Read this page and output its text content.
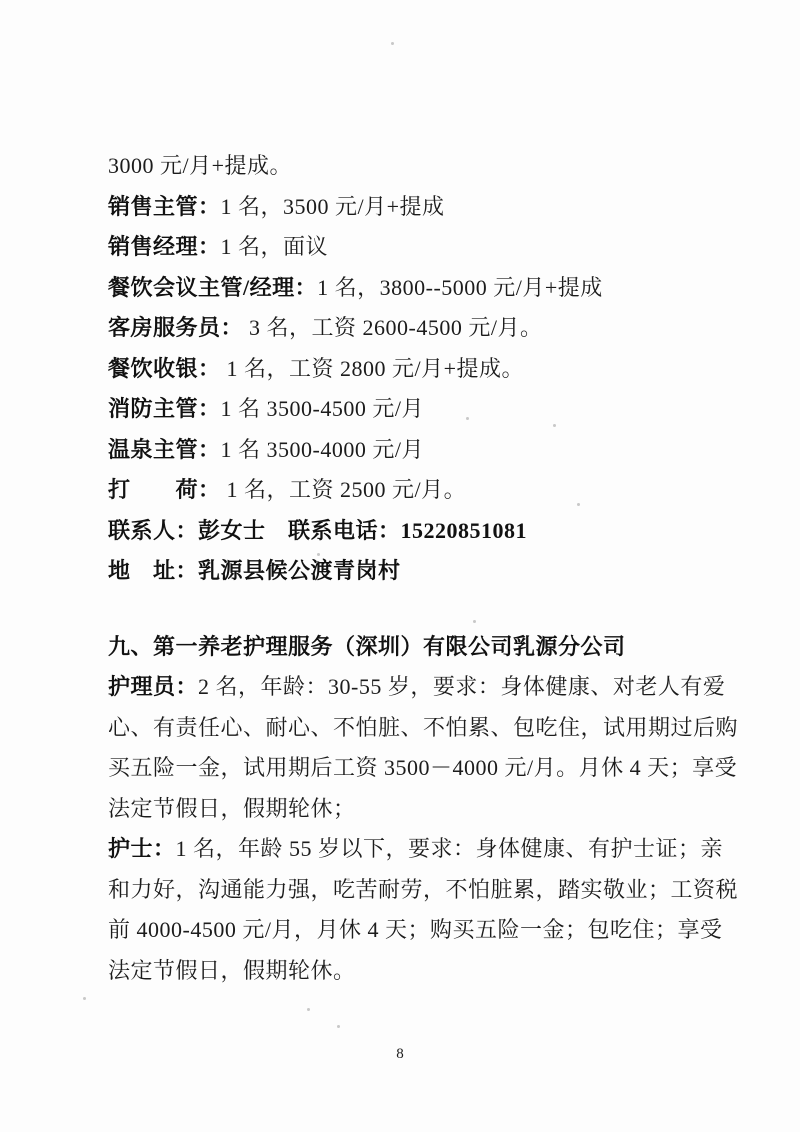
3000 元/月+提成。
销售主管：1 名，3500 元/月+提成
销售经理：1 名，面议
餐饮会议主管/经理：1 名，3800--5000 元/月+提成
客房服务员： 3 名，工资 2600-4500 元/月。
餐饮收银： 1 名，工资 2800 元/月+提成。
消防主管：1 名 3500-4500 元/月
温泉主管：1 名 3500-4000 元/月
打　　荷： 1 名，工资 2500 元/月。
联系人：彭女士　联系电话：15220851081
地　址：乳源县候公渡青岗村
九、第一养老护理服务（深圳）有限公司乳源分公司
护理员：2 名，年龄：30-55 岁，要求：身体健康、对老人有爱
心、有责任心、耐心、不怕脏、不怕累、包吃住，试用期过后购
买五险一金，试用期后工资 3500－4000 元/月。月休 4 天；享受
法定节假日，假期轮休；
护士：1 名，年龄 55 岁以下，要求：身体健康、有护士证；亲
和力好，沟通能力强，吃苦耐劳，不怕脏累，踏实敬业；工资税
前 4000-4500 元/月，月休 4 天；购买五险一金；包吃住；享受
法定节假日，假期轮休。
8
